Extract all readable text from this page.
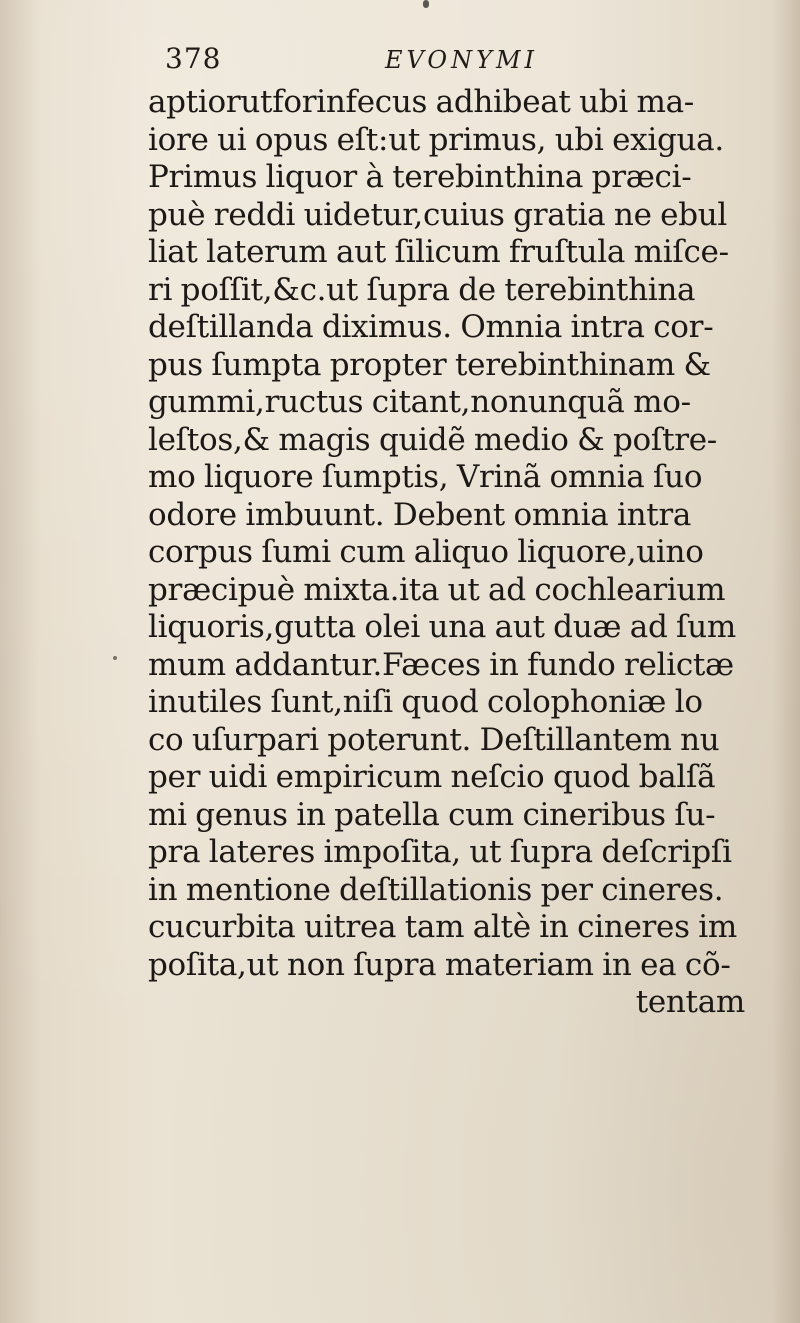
378	EVONYMI
aptiorutforinfecus adhibeat ubi ma-
iore ui opus eſt:ut primus, ubi exigua.
Primus liquor à terebinthina præci-
puè reddi uidetur,cuius gratia ne ebul
liat laterum aut ſilicum fruſtula miſce-
ri poſſit,&c.ut ſupra de terebinthina
deſtillanda diximus. Omnia intra cor-
pus ſumpta propter terebinthinam &
gummi,ructus citant,nonunquã mo-
leſtos,& magis quidẽ medio & poſtre-
mo liquore ſumptis, Vrinã omnia ſuo
odore imbuunt. Debent omnia intra
corpus ſumi cum aliquo liquore,uino
præcipuè mixta.ita ut ad cochlearium
liquoris,gutta olei una aut duæ ad ſum
mum addantur.Fæces in fundo relictæ
inutiles ſunt,niſi quod colophoniæ lo
co uſurpari poterunt. Deſtillantem nu
per uidi empiricum neſcio quod balſã
mi genus in patella cum cineribus ſu-
pra lateres impoſita, ut ſupra deſcripſi
in mentione deſtillationis per cineres.
cucurbita uitrea tam altè in cineres im
poſita,ut non ſupra materiam in ea cõ-
tentam
